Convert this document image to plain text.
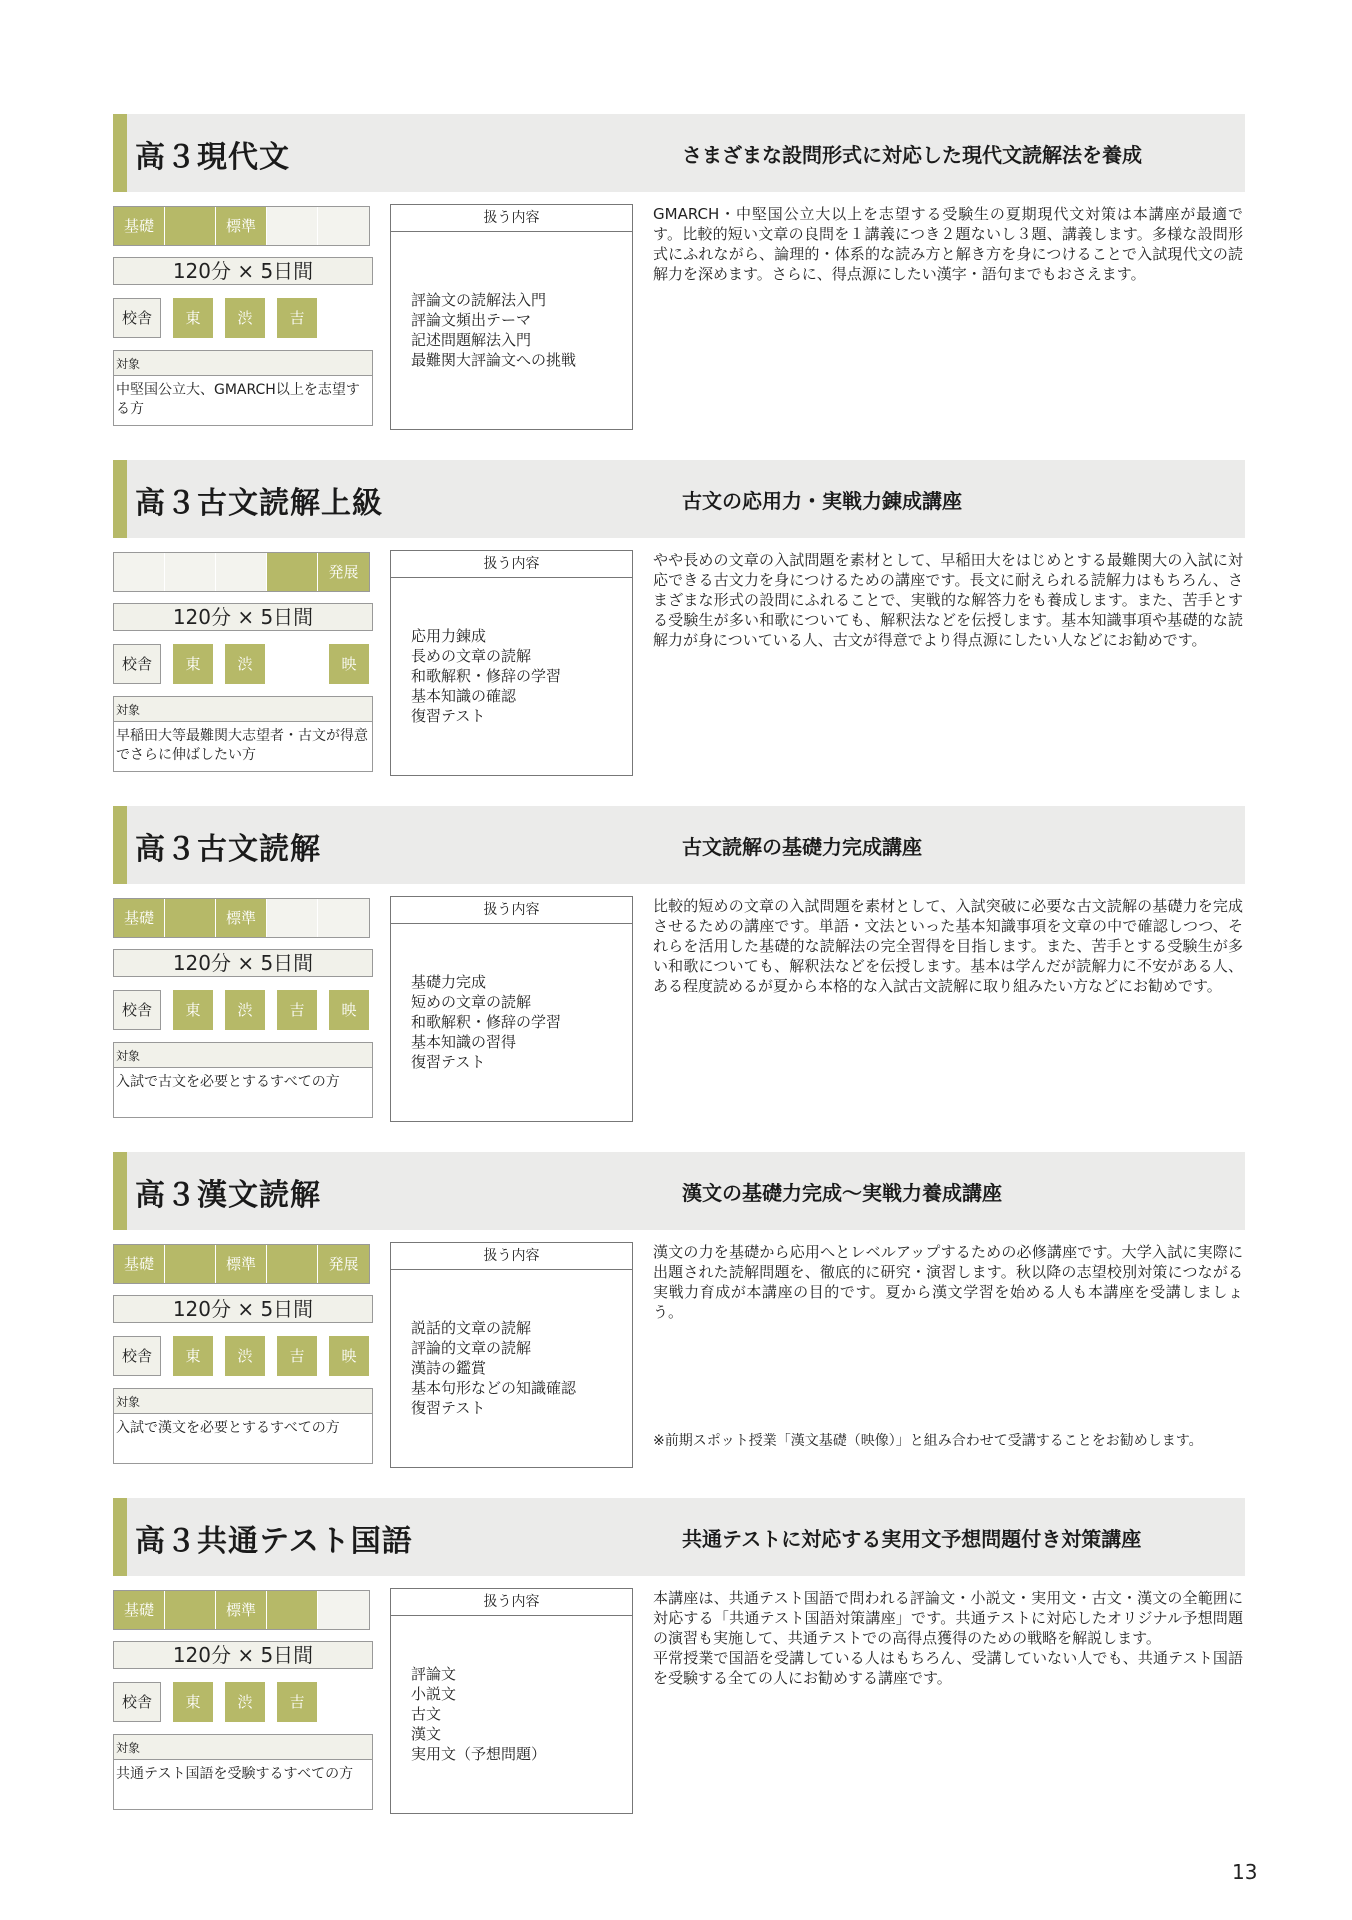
高３現代文	さまざまな設問形式に対応した現代文読解法を養成
基礎	標準
120分 × 5日間
校舎	東	渋	吉
対象
中堅国公立大、GMARCH以上を志望する方
扱う内容
評論文の読解法入門
評論文頻出テーマ
記述問題解法入門
最難関大評論文への挑戦
GMARCH・中堅国公立大以上を志望する受験生の夏期現代文対策は本講座が最適です。比較的短い文章の良問を１講義につき２題ないし３題、講義します。多様な設問形式にふれながら、論理的・体系的な読み方と解き方を身につけることで入試現代文の読解力を深めます。さらに、得点源にしたい漢字・語句までもおさえます。
高３古文読解上級	古文の応用力・実戦力錬成講座
発展
120分 × 5日間
校舎	東	渋	映
対象
早稲田大等最難関大志望者・古文が得意でさらに伸ばしたい方
扱う内容
応用力錬成
長めの文章の読解
和歌解釈・修辞の学習
基本知識の確認
復習テスト
やや長めの文章の入試問題を素材として、早稲田大をはじめとする最難関大の入試に対応できる古文力を身につけるための講座です。長文に耐えられる読解力はもちろん、さまざまな形式の設問にふれることで、実戦的な解答力をも養成します。また、苦手とする受験生が多い和歌についても、解釈法などを伝授します。基本知識事項や基礎的な読解力が身についている人、古文が得意でより得点源にしたい人などにお勧めです。
高３古文読解	古文読解の基礎力完成講座
基礎	標準
120分 × 5日間
校舎	東	渋	吉	映
対象
入試で古文を必要とするすべての方
扱う内容
基礎力完成
短めの文章の読解
和歌解釈・修辞の学習
基本知識の習得
復習テスト
比較的短めの文章の入試問題を素材として、入試突破に必要な古文読解の基礎力を完成させるための講座です。単語・文法といった基本知識事項を文章の中で確認しつつ、それらを活用した基礎的な読解法の完全習得を目指します。また、苦手とする受験生が多い和歌についても、解釈法などを伝授します。基本は学んだが読解力に不安がある人、ある程度読めるが夏から本格的な入試古文読解に取り組みたい方などにお勧めです。
高３漢文読解	漢文の基礎力完成～実戦力養成講座
基礎	標準	発展
120分 × 5日間
校舎	東	渋	吉	映
対象
入試で漢文を必要とするすべての方
扱う内容
説話的文章の読解
評論的文章の読解
漢詩の鑑賞
基本句形などの知識確認
復習テスト
漢文の力を基礎から応用へとレベルアップするための必修講座です。大学入試に実際に出題された読解問題を、徹底的に研究・演習します。秋以降の志望校別対策につながる実戦力育成が本講座の目的です。夏から漢文学習を始める人も本講座を受講しましょう。
※前期スポット授業「漢文基礎（映像）」と組み合わせて受講することをお勧めします。
高３共通テスト国語	共通テストに対応する実用文予想問題付き対策講座
基礎	標準
120分 × 5日間
校舎	東	渋	吉
対象
共通テスト国語を受験するすべての方
扱う内容
評論文
小説文
古文
漢文
実用文（予想問題）
本講座は、共通テスト国語で問われる評論文・小説文・実用文・古文・漢文の全範囲に対応する「共通テスト国語対策講座」です。共通テストに対応したオリジナル予想問題の演習も実施して、共通テストでの高得点獲得のための戦略を解説します。
平常授業で国語を受講している人はもちろん、受講していない人でも、共通テスト国語を受験する全ての人にお勧めする講座です。
13
